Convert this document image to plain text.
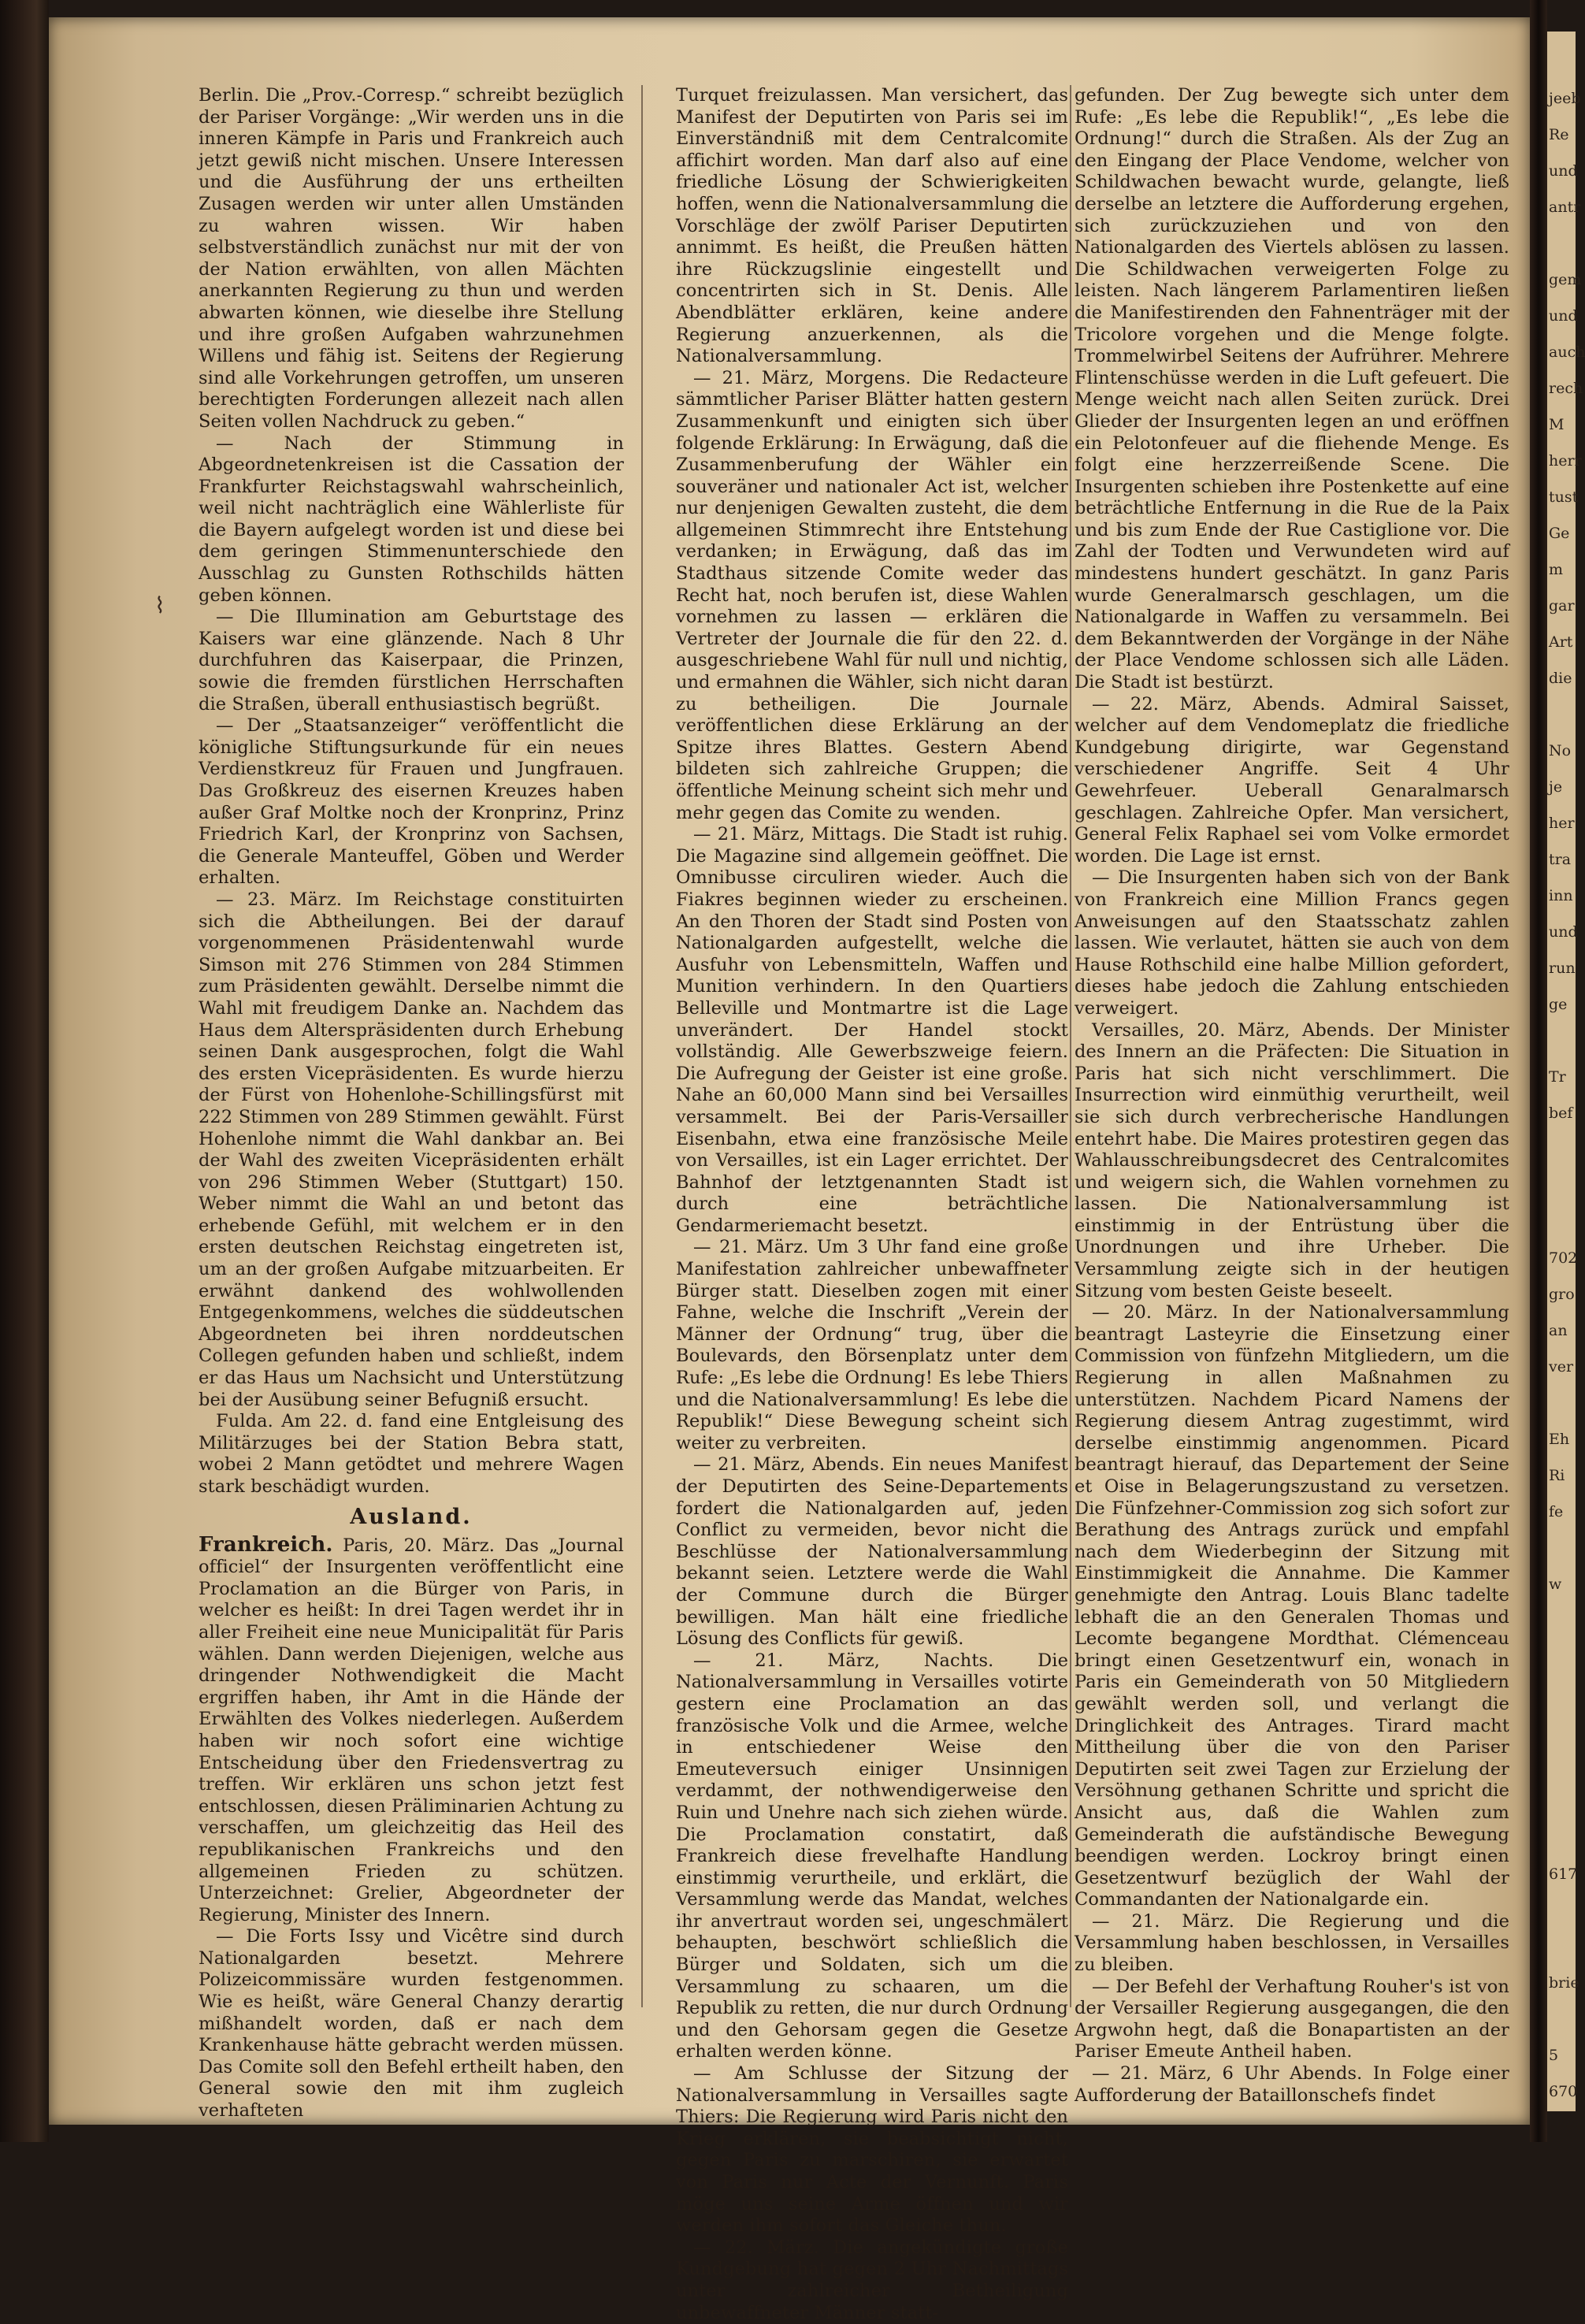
⌇

Berlin. Die „Prov.-Corresp.“ schreibt bezüglich der Pariser Vorgänge: „Wir werden uns in die inneren Kämpfe in Paris und Frankreich auch jetzt gewiß nicht mischen. Unsere Interessen und die Ausführung der uns ertheilten Zusagen werden wir unter allen Umständen zu wahren wissen. Wir haben selbstverständlich zunächst nur mit der von der Nation erwählten, von allen Mächten anerkannten Regierung zu thun und werden abwarten können, wie dieselbe ihre Stellung und ihre großen Aufgaben wahrzunehmen Willens und fähig ist. Seitens der Regierung sind alle Vorkehrungen getroffen, um unseren berechtigten Forderungen allezeit nach allen Seiten vollen Nachdruck zu geben.“

— Nach der Stimmung in Abgeordnetenkreisen ist die Cassation der Frankfurter Reichstagswahl wahrscheinlich, weil nicht nachträglich eine Wählerliste für die Bayern aufgelegt worden ist und diese bei dem geringen Stimmenunterschiede den Ausschlag zu Gunsten Rothschilds hätten geben können.

— Die Illumination am Geburtstage des Kaisers war eine glänzende. Nach 8 Uhr durchfuhren das Kaiserpaar, die Prinzen, sowie die fremden fürstlichen Herrschaften die Straßen, überall enthusiastisch begrüßt.

— Der „Staatsanzeiger“ veröffentlicht die königliche Stiftungsurkunde für ein neues Verdienstkreuz für Frauen und Jungfrauen. Das Großkreuz des eisernen Kreuzes haben außer Graf Moltke noch der Kronprinz, Prinz Friedrich Karl, der Kronprinz von Sachsen, die Generale Manteuffel, Göben und Werder erhalten.

— 23. März. Im Reichstage constituirten sich die Abtheilungen. Bei der darauf vorgenommenen Präsidentenwahl wurde Simson mit 276 Stimmen von 284 Stimmen zum Präsidenten gewählt. Derselbe nimmt die Wahl mit freudigem Danke an. Nachdem das Haus dem Alterspräsidenten durch Erhebung seinen Dank ausgesprochen, folgt die Wahl des ersten Vicepräsidenten. Es wurde hierzu der Fürst von Hohenlohe-Schillingsfürst mit 222 Stimmen von 289 Stimmen gewählt. Fürst Hohenlohe nimmt die Wahl dankbar an. Bei der Wahl des zweiten Vicepräsidenten erhält von 296 Stimmen Weber (Stuttgart) 150. Weber nimmt die Wahl an und betont das erhebende Gefühl, mit welchem er in den ersten deutschen Reichstag eingetreten ist, um an der großen Aufgabe mitzuarbeiten. Er erwähnt dankend des wohlwollenden Entgegenkommens, welches die süddeutschen Abgeordneten bei ihren norddeutschen Collegen gefunden haben und schließt, indem er das Haus um Nachsicht und Unterstützung bei der Ausübung seiner Befugniß ersucht.

Fulda. Am 22. d. fand eine Entgleisung des Militärzuges bei der Station Bebra statt, wobei 2 Mann getödtet und mehrere Wagen stark beschädigt wurden.

Ausland.

Frankreich. Paris, 20. März. Das „Journal officiel“ der Insurgenten veröffentlicht eine Proclamation an die Bürger von Paris, in welcher es heißt: In drei Tagen werdet ihr in aller Freiheit eine neue Municipalität für Paris wählen. Dann werden Diejenigen, welche aus dringender Nothwendigkeit die Macht ergriffen haben, ihr Amt in die Hände der Erwählten des Volkes niederlegen. Außerdem haben wir noch sofort eine wichtige Entscheidung über den Friedensvertrag zu treffen. Wir erklären uns schon jetzt fest entschlossen, diesen Präliminarien Achtung zu verschaffen, um gleichzeitig das Heil des republikanischen Frankreichs und den allgemeinen Frieden zu schützen. Unterzeichnet: Grelier, Abgeordneter der Regierung, Minister des Innern.

— Die Forts Issy und Vicêtre sind durch Nationalgarden besetzt. Mehrere Polizeicommissäre wurden festgenommen. Wie es heißt, wäre General Chanzy derartig mißhandelt worden, daß er nach dem Krankenhause hätte gebracht werden müssen. Das Comite soll den Befehl ertheilt haben, den General sowie den mit ihm zugleich verhafteten

Turquet freizulassen. Man versichert, das Manifest der Deputirten von Paris sei im Einverständniß mit dem Centralcomite affichirt worden. Man darf also auf eine friedliche Lösung der Schwierigkeiten hoffen, wenn die Nationalversammlung die Vorschläge der zwölf Pariser Deputirten annimmt. Es heißt, die Preußen hätten ihre Rückzugslinie eingestellt und concentrirten sich in St. Denis. Alle Abendblätter erklären, keine andere Regierung anzuerkennen, als die Nationalversammlung.

— 21. März, Morgens. Die Redacteure sämmtlicher Pariser Blätter hatten gestern Zusammenkunft und einigten sich über folgende Erklärung: In Erwägung, daß die Zusammenberufung der Wähler ein souveräner und nationaler Act ist, welcher nur denjenigen Gewalten zusteht, die dem allgemeinen Stimmrecht ihre Entstehung verdanken; in Erwägung, daß das im Stadthaus sitzende Comite weder das Recht hat, noch berufen ist, diese Wahlen vornehmen zu lassen — erklären die Vertreter der Journale die für den 22. d. ausgeschriebene Wahl für null und nichtig, und ermahnen die Wähler, sich nicht daran zu betheiligen. Die Journale veröffentlichen diese Erklärung an der Spitze ihres Blattes. Gestern Abend bildeten sich zahlreiche Gruppen; die öffentliche Meinung scheint sich mehr und mehr gegen das Comite zu wenden.

— 21. März, Mittags. Die Stadt ist ruhig. Die Magazine sind allgemein geöffnet. Die Omnibusse circuliren wieder. Auch die Fiakres beginnen wieder zu erscheinen. An den Thoren der Stadt sind Posten von Nationalgarden aufgestellt, welche die Ausfuhr von Lebensmitteln, Waffen und Munition verhindern. In den Quartiers Belleville und Montmartre ist die Lage unverändert. Der Handel stockt vollständig. Alle Gewerbszweige feiern. Die Aufregung der Geister ist eine große. Nahe an 60,000 Mann sind bei Versailles versammelt. Bei der Paris-Versailler Eisenbahn, etwa eine französische Meile von Versailles, ist ein Lager errichtet. Der Bahnhof der letztgenannten Stadt ist durch eine beträchtliche Gendarmeriemacht besetzt.

— 21. März. Um 3 Uhr fand eine große Manifestation zahlreicher unbewaffneter Bürger statt. Dieselben zogen mit einer Fahne, welche die Inschrift „Verein der Männer der Ordnung“ trug, über die Boulevards, den Börsenplatz unter dem Rufe: „Es lebe die Ordnung! Es lebe Thiers und die Nationalversammlung! Es lebe die Republik!“ Diese Bewegung scheint sich weiter zu verbreiten.

— 21. März, Abends. Ein neues Manifest der Deputirten des Seine-Departements fordert die Nationalgarden auf, jeden Conflict zu vermeiden, bevor nicht die Beschlüsse der Nationalversammlung bekannt seien. Letztere werde die Wahl der Commune durch die Bürger bewilligen. Man hält eine friedliche Lösung des Conflicts für gewiß.

— 21. März, Nachts. Die Nationalversammlung in Versailles votirte gestern eine Proclamation an das französische Volk und die Armee, welche in entschiedener Weise den Emeuteversuch einiger Unsinnigen verdammt, der nothwendigerweise den Ruin und Unehre nach sich ziehen würde. Die Proclamation constatirt, daß Frankreich diese frevelhafte Handlung einstimmig verurtheile, und erklärt, die Versammlung werde das Mandat, welches ihr anvertraut worden sei, ungeschmälert behaupten, beschwört schließlich die Bürger und Soldaten, sich um die Versammlung zu schaaren, um die Republik zu retten, die nur durch Ordnung und den Gehorsam gegen die Gesetze erhalten werden könne.

— Am Schlusse der Sitzung der Nationalversammlung in Versailles sagte Thiers: Die Regierung wird Paris nicht den Krieg erklären, sie beabsichtigt nicht, gegen Paris zu marschiren, sie erwartet von Paris nur Acte der Vernunft. Paris möge uns seine Arme öffnen und wir werden ihm sofort das Gleiche thun.

— 22. März. Die angekündigte große Kundgebung hat gegen 2 Uhr Nachmittags unter zahlreicher Betheiligung unbewaffneter Männer statt-

gefunden. Der Zug bewegte sich unter dem Rufe: „Es lebe die Republik!“, „Es lebe die Ordnung!“ durch die Straßen. Als der Zug an den Eingang der Place Vendome, welcher von Schildwachen bewacht wurde, gelangte, ließ derselbe an letztere die Aufforderung ergehen, sich zurückzuziehen und von den Nationalgarden des Viertels ablösen zu lassen. Die Schildwachen verweigerten Folge zu leisten. Nach längerem Parlamentiren ließen die Manifestirenden den Fahnenträger mit der Tricolore vorgehen und die Menge folgte. Trommelwirbel Seitens der Aufrührer. Mehrere Flintenschüsse werden in die Luft gefeuert. Die Menge weicht nach allen Seiten zurück. Drei Glieder der Insurgenten legen an und eröffnen ein Pelotonfeuer auf die fliehende Menge. Es folgt eine herzzerreißende Scene. Die Insurgenten schieben ihre Postenkette auf eine beträchtliche Entfernung in die Rue de la Paix und bis zum Ende der Rue Castiglione vor. Die Zahl der Todten und Verwundeten wird auf mindestens hundert geschätzt. In ganz Paris wurde Generalmarsch geschlagen, um die Nationalgarde in Waffen zu versammeln. Bei dem Bekanntwerden der Vorgänge in der Nähe der Place Vendome schlossen sich alle Läden. Die Stadt ist bestürzt.

— 22. März, Abends. Admiral Saisset, welcher auf dem Vendomeplatz die friedliche Kundgebung dirigirte, war Gegenstand verschiedener Angriffe. Seit 4 Uhr Gewehrfeuer. Ueberall Genaralmarsch geschlagen. Zahlreiche Opfer. Man versichert, General Felix Raphael sei vom Volke ermordet worden. Die Lage ist ernst.

— Die Insurgenten haben sich von der Bank von Frankreich eine Million Francs gegen Anweisungen auf den Staatsschatz zahlen lassen. Wie verlautet, hätten sie auch von dem Hause Rothschild eine halbe Million gefordert, dieses habe jedoch die Zahlung entschieden verweigert.

Versailles, 20. März, Abends. Der Minister des Innern an die Präfecten: Die Situation in Paris hat sich nicht verschlimmert. Die Insurrection wird einmüthig verurtheilt, weil sie sich durch verbrecherische Handlungen entehrt habe. Die Maires protestiren gegen das Wahlausschreibungsdecret des Centralcomites und weigern sich, die Wahlen vornehmen zu lassen. Die Nationalversammlung ist einstimmig in der Entrüstung über die Unordnungen und ihre Urheber. Die Versammlung zeigte sich in der heutigen Sitzung vom besten Geiste beseelt.

— 20. März. In der Nationalversammlung beantragt Lasteyrie die Einsetzung einer Commission von fünfzehn Mitgliedern, um die Regierung in allen Maßnahmen zu unterstützen. Nachdem Picard Namens der Regierung diesem Antrag zugestimmt, wird derselbe einstimmig angenommen. Picard beantragt hierauf, das Departement der Seine et Oise in Belagerungszustand zu versetzen. Die Fünfzehner-Commission zog sich sofort zur Berathung des Antrags zurück und empfahl nach dem Wiederbeginn der Sitzung mit Einstimmigkeit die Annahme. Die Kammer genehmigte den Antrag. Louis Blanc tadelte lebhaft die an den Generalen Thomas und Lecomte begangene Mordthat. Clémenceau bringt einen Gesetzentwurf ein, wonach in Paris ein Gemeinderath von 50 Mitgliedern gewählt werden soll, und verlangt die Dringlichkeit des Antrages. Tirard macht Mittheilung über die von den Pariser Deputirten seit zwei Tagen zur Erzielung der Versöhnung gethanen Schritte und spricht die Ansicht aus, daß die Wahlen zum Gemeinderath die aufständische Bewegung beendigen werden. Lockroy bringt einen Gesetzentwurf bezüglich der Wahl der Commandanten der Nationalgarde ein.

— 21. März. Die Regierung und die Versammlung haben beschlossen, in Versailles zu bleiben.

— Der Befehl der Verhaftung Rouher's ist von der Versailler Regierung ausgegangen, die den Argwohn hegt, daß die Bonapartisten an der Pariser Emeute Antheil haben.

— 21. März, 6 Uhr Abends. In Folge einer Aufforderung der Bataillonschefs findet

jeeb
Re
und
antr
gem
und
auch
rech
M
herr
tust
Ge
m
gar
Art
die
No
je
her
tra
inn
und
run
ge
Tr
bef
702
gro
an
ver
Eh
Ri
fe
w
617
brie
5
670
